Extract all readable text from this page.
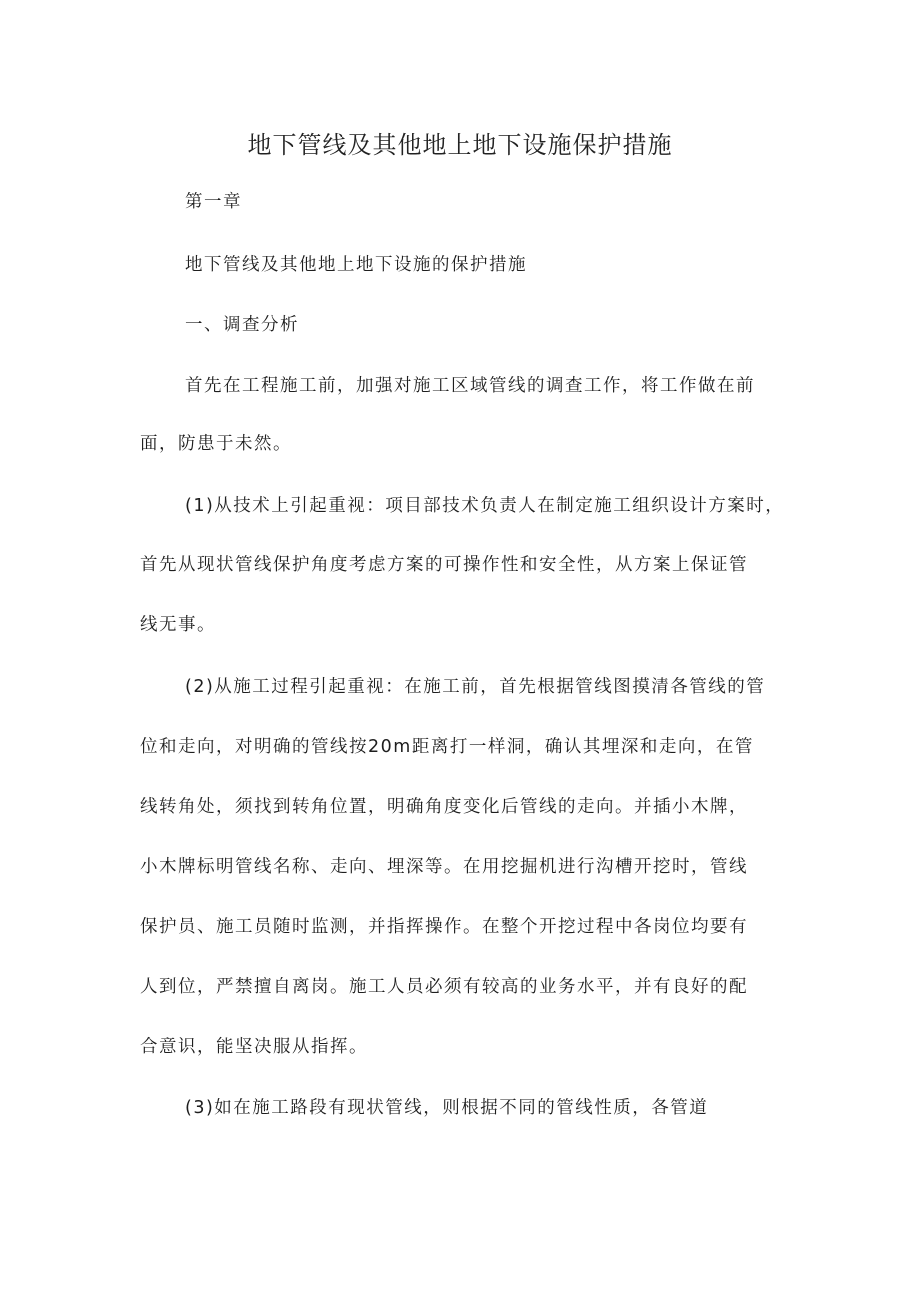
地下管线及其他地上地下设施保护措施
第一章
地下管线及其他地上地下设施的保护措施
一、调查分析
首先在工程施工前，加强对施工区域管线的调查工作，将工作做在前
面，防患于未然。
(1)从技术上引起重视：项目部技术负责人在制定施工组织设计方案时，
首先从现状管线保护角度考虑方案的可操作性和安全性，从方案上保证管
线无事。
(2)从施工过程引起重视：在施工前，首先根据管线图摸清各管线的管
位和走向，对明确的管线按20m距离打一样洞，确认其埋深和走向，在管
线转角处，须找到转角位置，明确角度变化后管线的走向。并插小木牌，
小木牌标明管线名称、走向、埋深等。在用挖掘机进行沟槽开挖时，管线
保护员、施工员随时监测，并指挥操作。在整个开挖过程中各岗位均要有
人到位，严禁擅自离岗。施工人员必须有较高的业务水平，并有良好的配
合意识，能坚决服从指挥。
(3)如在施工路段有现状管线，则根据不同的管线性质，各管道
